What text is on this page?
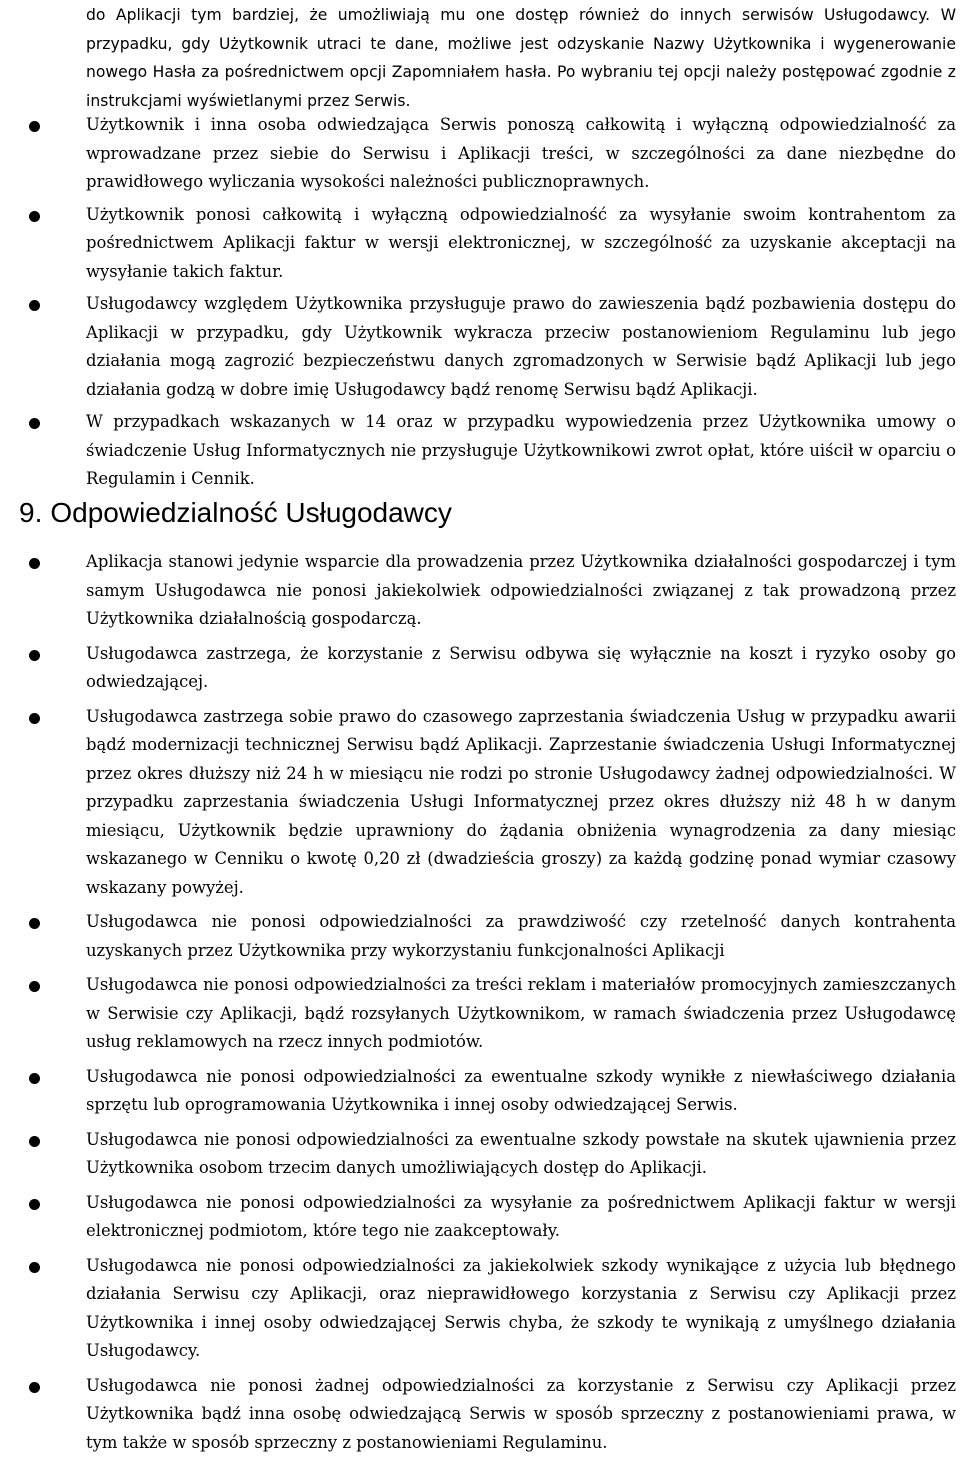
do Aplikacji tym bardziej, że umożliwiają mu one dostęp również do innych serwisów Usługodawcy. W przypadku, gdy Użytkownik utraci te dane, możliwe jest odzyskanie Nazwy Użytkownika i wygenerowanie nowego Hasła za pośrednictwem opcji Zapomniałem hasła. Po wybraniu tej opcji należy postępować zgodnie z instrukcjami wyświetlanymi przez Serwis.

Użytkownik i inna osoba odwiedzająca Serwis ponoszą całkowitą i wyłączną odpowiedzialność za wprowadzane przez siebie do Serwisu i Aplikacji treści, w szczególności za dane niezbędne do prawidłowego wyliczania wysokości należności publicznoprawnych.
Użytkownik ponosi całkowitą i wyłączną odpowiedzialność za wysyłanie swoim kontrahentom za pośrednictwem Aplikacji faktur w wersji elektronicznej, w szczególność za uzyskanie akceptacji na wysyłanie takich faktur.
Usługodawcy względem Użytkownika przysługuje prawo do zawieszenia bądź pozbawienia dostępu do Aplikacji w przypadku, gdy Użytkownik wykracza przeciw postanowieniom Regulaminu lub jego działania mogą zagrozić bezpieczeństwu danych zgromadzonych w Serwisie bądź Aplikacji lub jego działania godzą w dobre imię Usługodawcy bądź renomę Serwisu bądź Aplikacji.
W przypadkach wskazanych w 14 oraz w przypadku wypowiedzenia przez Użytkownika umowy o świadczenie Usług Informatycznych nie przysługuje Użytkownikowi zwrot opłat, które uiścił w oparciu o Regulamin i Cennik.
9. Odpowiedzialność Usługodawcy
Aplikacja stanowi jedynie wsparcie dla prowadzenia przez Użytkownika działalności gospodarczej i tym samym Usługodawca nie ponosi jakiekolwiek odpowiedzialności związanej z tak prowadzoną przez Użytkownika działalnością gospodarczą.
Usługodawca zastrzega, że korzystanie z Serwisu odbywa się wyłącznie na koszt i ryzyko osoby go odwiedzającej.
Usługodawca zastrzega sobie prawo do czasowego zaprzestania świadczenia Usług w przypadku awarii bądź modernizacji technicznej Serwisu bądź Aplikacji. Zaprzestanie świadczenia Usługi Informatycznej przez okres dłuższy niż 24 h w miesiącu nie rodzi po stronie Usługodawcy żadnej odpowiedzialności. W przypadku zaprzestania świadczenia Usługi Informatycznej przez okres dłuższy niż 48 h w danym miesiącu, Użytkownik będzie uprawniony do żądania obniżenia wynagrodzenia za dany miesiąc wskazanego w Cenniku o kwotę 0,20 zł (dwadzieścia groszy) za każdą godzinę ponad wymiar czasowy wskazany powyżej.
Usługodawca nie ponosi odpowiedzialności za prawdziwość czy rzetelność danych kontrahenta uzyskanych przez Użytkownika przy wykorzystaniu funkcjonalności Aplikacji
Usługodawca nie ponosi odpowiedzialności za treści reklam i materiałów promocyjnych zamieszczanych w Serwisie czy Aplikacji, bądź rozsyłanych Użytkownikom, w ramach świadczenia przez Usługodawcę usług reklamowych na rzecz innych podmiotów.
Usługodawca nie ponosi odpowiedzialności za ewentualne szkody wynikłe z niewłaściwego działania sprzętu lub oprogramowania Użytkownika i innej osoby odwiedzającej Serwis.
Usługodawca nie ponosi odpowiedzialności za ewentualne szkody powstałe na skutek ujawnienia przez Użytkownika osobom trzecim danych umożliwiających dostęp do Aplikacji.
Usługodawca nie ponosi odpowiedzialności za wysyłanie za pośrednictwem Aplikacji faktur w wersji elektronicznej podmiotom, które tego nie zaakceptowały.
Usługodawca nie ponosi odpowiedzialności za jakiekolwiek szkody wynikające z użycia lub błędnego działania Serwisu czy Aplikacji, oraz nieprawidłowego korzystania z Serwisu czy Aplikacji przez Użytkownika i innej osoby odwiedzającej Serwis chyba, że szkody te wynikają z umyślnego działania Usługodawcy.
Usługodawca nie ponosi żadnej odpowiedzialności za korzystanie z Serwisu czy Aplikacji przez Użytkownika bądź inna osobę odwiedzającą Serwis w sposób sprzeczny z postanowieniami prawa, w tym także w sposób sprzeczny z postanowieniami Regulaminu.
